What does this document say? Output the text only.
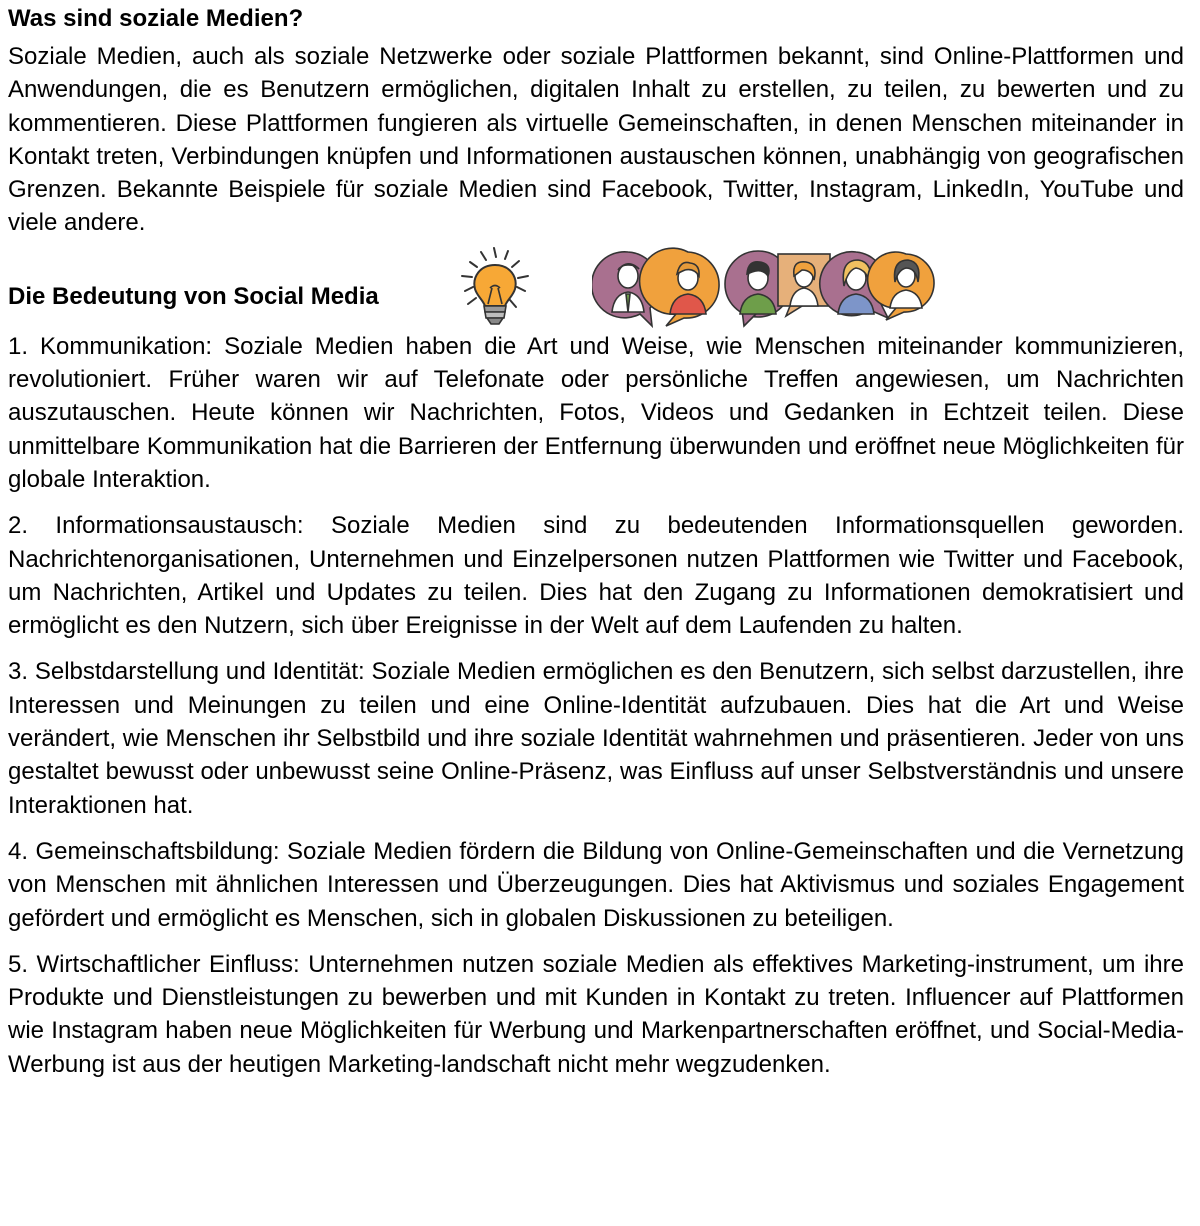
Was sind soziale Medien?
Soziale Medien, auch als soziale Netzwerke oder soziale Plattformen bekannt, sind Online-Plattformen und Anwendungen, die es Benutzern ermöglichen, digitalen Inhalt zu erstellen, zu teilen, zu bewerten und zu kommentieren. Diese Plattformen fungieren als virtuelle Gemeinschaften, in denen Menschen miteinander in Kontakt treten, Verbindungen knüpfen und Informationen austauschen können, unabhängig von geografischen Grenzen. Bekannte Beispiele für soziale Medien sind Facebook, Twitter, Instagram, LinkedIn, YouTube und viele andere.
Die Bedeutung von Social Media
1. Kommunikation: Soziale Medien haben die Art und Weise, wie Menschen miteinander kommunizieren, revolutioniert. Früher waren wir auf Telefonate oder persönliche Treffen angewiesen, um Nachrichten auszutauschen. Heute können wir Nachrichten, Fotos, Videos und Gedanken in Echtzeit teilen. Diese unmittelbare Kommunikation hat die Barrieren der Entfernung überwunden und eröffnet neue Möglichkeiten für globale Interaktion.
2. Informationsaustausch: Soziale Medien sind zu bedeutenden Informationsquellen geworden. Nachrichtenorganisationen, Unternehmen und Einzelpersonen nutzen Plattformen wie Twitter und Facebook, um Nachrichten, Artikel und Updates zu teilen. Dies hat den Zugang zu Informationen demokratisiert und ermöglicht es den Nutzern, sich über Ereignisse in der Welt auf dem Laufenden zu halten.
3. Selbstdarstellung und Identität: Soziale Medien ermöglichen es den Benutzern, sich selbst darzustellen, ihre Interessen und Meinungen zu teilen und eine Online-Identität aufzubauen. Dies hat die Art und Weise verändert, wie Menschen ihr Selbstbild und ihre soziale Identität wahrnehmen und präsentieren. Jeder von uns gestaltet bewusst oder unbewusst seine Online-Präsenz, was Einfluss auf unser Selbstverständnis und unsere Interaktionen hat.
4. Gemeinschaftsbildung: Soziale Medien fördern die Bildung von Online-Gemeinschaften und die Vernetzung von Menschen mit ähnlichen Interessen und Überzeugungen. Dies hat Aktivismus und soziales Engagement gefördert und ermöglicht es Menschen, sich in globalen Diskussionen zu beteiligen.
5. Wirtschaftlicher Einfluss: Unternehmen nutzen soziale Medien als effektives Marketing-instrument, um ihre Produkte und Dienstleistungen zu bewerben und mit Kunden in Kontakt zu treten. Influencer auf Plattformen wie Instagram haben neue Möglichkeiten für Werbung und Markenpartnerschaften eröffnet, und Social-Media-Werbung ist aus der heutigen Marketing-landschaft nicht mehr wegzudenken.
